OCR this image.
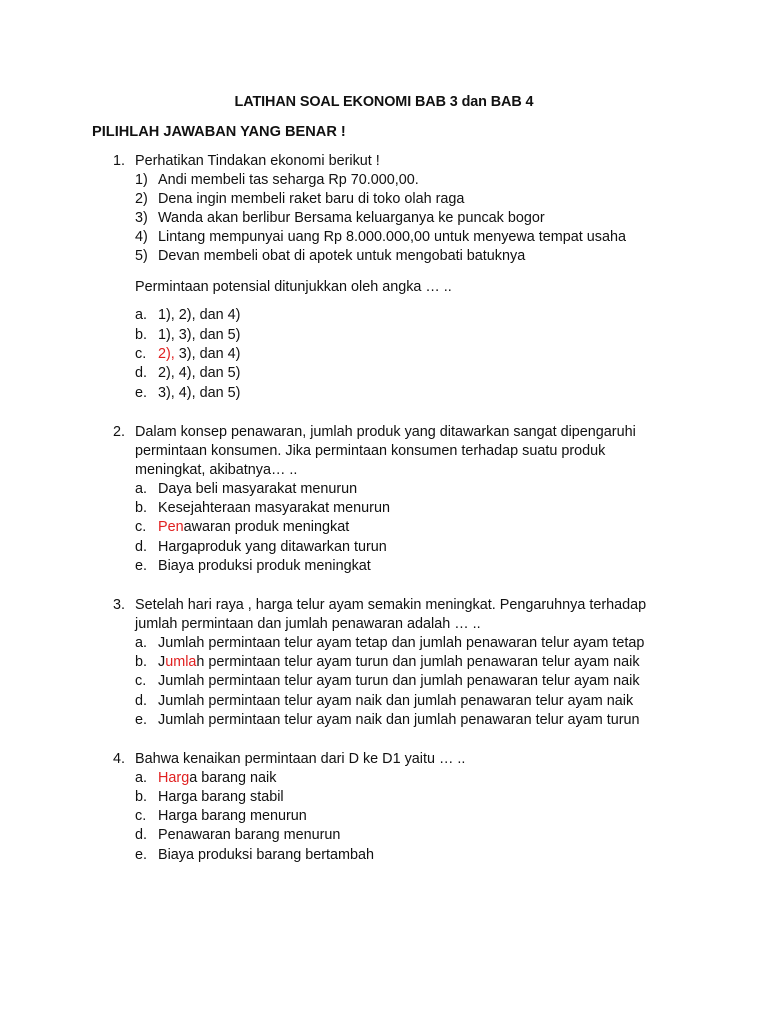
LATIHAN SOAL EKONOMI BAB 3 dan BAB 4
PILIHLAH JAWABAN YANG BENAR !
1. Perhatikan Tindakan ekonomi berikut !
1) Andi membeli tas seharga Rp 70.000,00.
2) Dena ingin membeli raket baru di toko olah raga
3) Wanda akan berlibur Bersama keluarganya ke puncak bogor
4) Lintang mempunyai uang Rp 8.000.000,00 untuk menyewa tempat usaha
5) Devan membeli obat di apotek untuk mengobati batuknya
Permintaan potensial ditunjukkan oleh angka … ..
a. 1), 2), dan 4)
b. 1), 3), dan 5)
c. 2), 3), dan 4)
d. 2), 4), dan 5)
e. 3), 4), dan 5)
2. Dalam konsep penawaran, jumlah produk yang ditawarkan sangat dipengaruhi
permintaan konsumen. Jika permintaan konsumen terhadap suatu produk
meningkat, akibatnya… ..
a. Daya beli masyarakat menurun
b. Kesejahteraan masyarakat menurun
c. Penawaran produk meningkat
d. Hargaproduk yang ditawarkan turun
e. Biaya produksi produk meningkat
3. Setelah hari raya , harga telur ayam semakin meningkat. Pengaruhnya terhadap
jumlah permintaan dan jumlah penawaran adalah … ..
a. Jumlah permintaan telur ayam tetap dan jumlah penawaran telur ayam tetap
b. Jumlah permintaan telur ayam turun dan jumlah penawaran telur ayam naik
c. Jumlah permintaan telur ayam turun dan jumlah penawaran telur ayam naik
d. Jumlah permintaan telur ayam naik dan jumlah penawaran telur ayam naik
e. Jumlah permintaan telur ayam naik dan jumlah penawaran telur ayam turun
4. Bahwa kenaikan permintaan dari D ke D1 yaitu … ..
a. Harga barang naik
b. Harga barang stabil
c. Harga barang menurun
d. Penawaran barang menurun
e. Biaya produksi barang bertambah
